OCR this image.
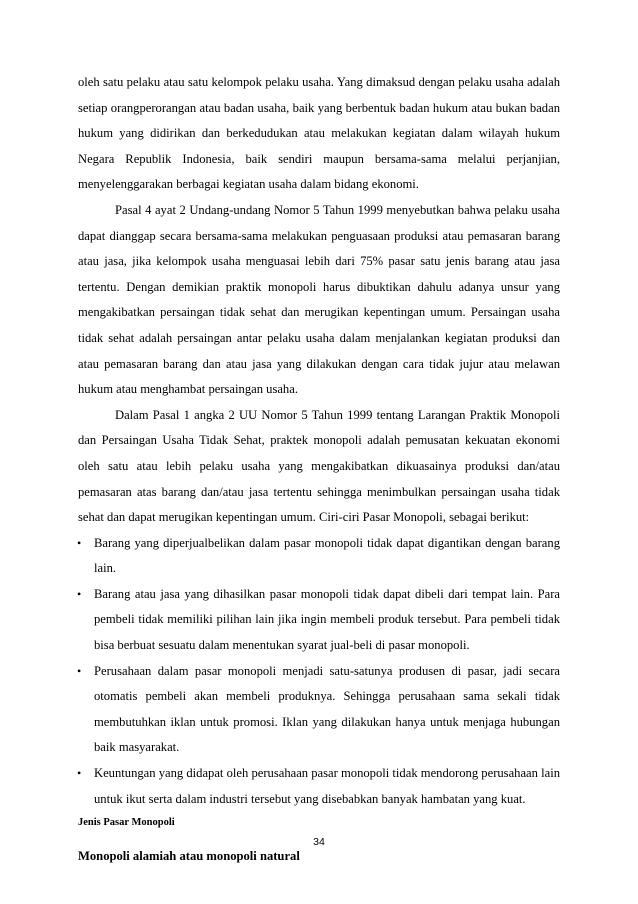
oleh satu pelaku atau satu kelompok pelaku usaha. Yang dimaksud dengan pelaku usaha adalah setiap orangperorangan atau badan usaha, baik yang berbentuk badan hukum atau bukan badan hukum yang didirikan dan berkedudukan atau melakukan kegiatan dalam wilayah hukum Negara Republik Indonesia, baik sendiri maupun bersama-sama melalui perjanjian, menyelenggarakan berbagai kegiatan usaha dalam bidang ekonomi.

Pasal 4 ayat 2 Undang-undang Nomor 5 Tahun 1999 menyebutkan bahwa pelaku usaha dapat dianggap secara bersama-sama melakukan penguasaan produksi atau pemasaran barang atau jasa, jika kelompok usaha menguasai lebih dari 75% pasar satu jenis barang atau jasa tertentu. Dengan demikian praktik monopoli harus dibuktikan dahulu adanya unsur yang mengakibatkan persaingan tidak sehat dan merugikan kepentingan umum. Persaingan usaha tidak sehat adalah persaingan antar pelaku usaha dalam menjalankan kegiatan produksi dan atau pemasaran barang dan atau jasa yang dilakukan dengan cara tidak jujur atau melawan hukum atau menghambat persaingan usaha.

Dalam Pasal 1 angka 2 UU Nomor 5 Tahun 1999 tentang Larangan Praktik Monopoli dan Persaingan Usaha Tidak Sehat, praktek monopoli adalah pemusatan kekuatan ekonomi oleh satu atau lebih pelaku usaha yang mengakibatkan dikuasainya produksi dan/atau pemasaran atas barang dan/atau jasa tertentu sehingga menimbulkan persaingan usaha tidak sehat dan dapat merugikan kepentingan umum. Ciri-ciri Pasar Monopoli, sebagai berikut:

• Barang yang diperjualbelikan dalam pasar monopoli tidak dapat digantikan dengan barang lain.
• Barang atau jasa yang dihasilkan pasar monopoli tidak dapat dibeli dari tempat lain. Para pembeli tidak memiliki pilihan lain jika ingin membeli produk tersebut. Para pembeli tidak bisa berbuat sesuatu dalam menentukan syarat jual-beli di pasar monopoli.
• Perusahaan dalam pasar monopoli menjadi satu-satunya produsen di pasar, jadi secara otomatis pembeli akan membeli produknya. Sehingga perusahaan sama sekali tidak membutuhkan iklan untuk promosi. Iklan yang dilakukan hanya untuk menjaga hubungan baik masyarakat.
• Keuntungan yang didapat oleh perusahaan pasar monopoli tidak mendorong perusahaan lain untuk ikut serta dalam industri tersebut yang disebabkan banyak hambatan yang kuat.

Jenis Pasar Monopoli

Monopoli alamiah atau monopoli natural

34
